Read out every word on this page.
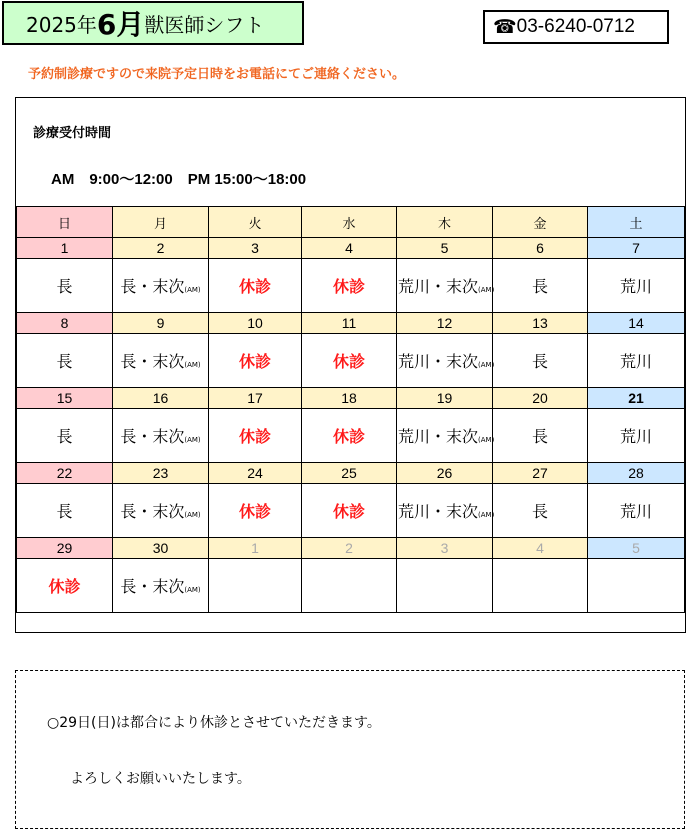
2025年 6月 獣医師シフト	☎ 03-6240-0712
予約制診療ですので来院予定日時をお電話にてご連絡ください。
診療受付時間
AM　9:00〜12:00　PM 15:00〜18:00
日	月	火	水	木	金	土
1	2	3	4	5	6	7
長	長・末次(AM)	休診	休診	荒川・末次(AM)	長	荒川
8	9	10	11	12	13	14
長	長・末次(AM)	休診	休診	荒川・末次(AM)	長	荒川
15	16	17	18	19	20	21
長	長・末次(AM)	休診	休診	荒川・末次(AM)	長	荒川
22	23	24	25	26	27	28
長	長・末次(AM)	休診	休診	荒川・末次(AM)	長	荒川
29	30	1	2	3	4	5
休診	長・末次(AM)					
○29日(日)は都合により休診とさせていただきます。
よろしくお願いいたします。
